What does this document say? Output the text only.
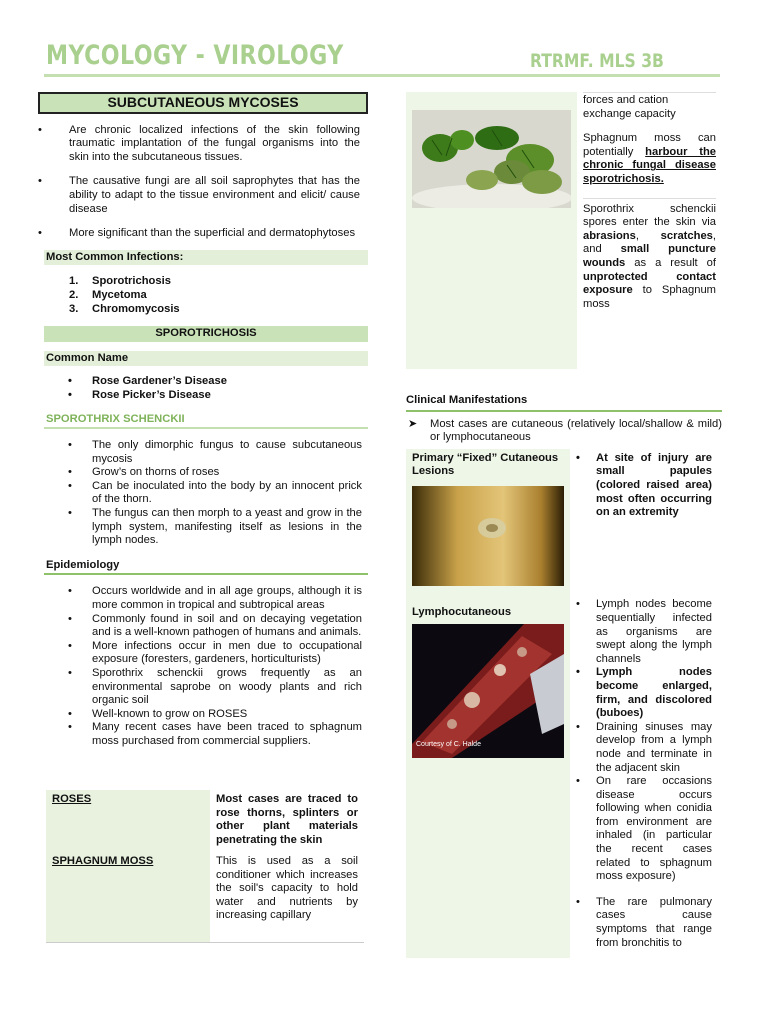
MYCOLOGY - VIROLOGY	RTRMF. MLS 3B
SUBCUTANEOUS MYCOSES
• Are chronic localized infections of the skin following traumatic implantation of the fungal organisms into the skin into the subcutaneous tissues.
• The causative fungi are all soil saprophytes that has the ability to adapt to the tissue environment and elicit/ cause disease
• More significant than the superficial and dermatophytoses
Most Common Infections:
1. Sporotrichosis
2. Mycetoma
3. Chromomycosis
SPOROTRICHOSIS
Common Name
• Rose Gardener’s Disease
• Rose Picker’s Disease
SPOROTHRIX SCHENCKII
• The only dimorphic fungus to cause subcutaneous mycosis
• Grow’s on thorns of roses
• Can be inoculated into the body by an innocent prick of the thorn.
• The fungus can then morph to a yeast and grow in the lymph system, manifesting itself as lesions in the lymph nodes.
Epidemiology
• Occurs worldwide and in all age groups, although it is more common in tropical and subtropical areas
• Commonly found in soil and on decaying vegetation and is a well-known pathogen of humans and animals.
• More infections occur in men due to occupational exposure (foresters, gardeners, horticulturists)
• Sporothrix schenckii grows frequently as an environmental saprobe on woody plants and rich organic soil
• Well-known to grow on ROSES
• Many recent cases have been traced to sphagnum moss purchased from commercial suppliers.
ROSES	Most cases are traced to rose thorns, splinters or other plant materials penetrating the skin
SPHAGNUM MOSS	This is used as a soil conditioner which increases the soil's capacity to hold water and nutrients by increasing capillary
forces and cation exchange capacity
Sphagnum moss can potentially harbour the chronic fungal disease sporotrichosis.
Sporothrix schenckii spores enter the skin via abrasions, scratches, and small puncture wounds as a result of unprotected contact exposure to Sphagnum moss
Clinical Manifestations
➤ Most cases are cutaneous (relatively local/shallow & mild) or lymphocutaneous
Primary “Fixed” Cutaneous Lesions
• At site of injury are small papules (colored raised area) most often occurring on an extremity
Lymphocutaneous
Courtesy of C. Halde
• Lymph nodes become sequentially infected as organisms are swept along the lymph channels
• Lymph nodes become enlarged, firm, and discolored (buboes)
• Draining sinuses may develop from a lymph node and terminate in the adjacent skin
• On rare occasions disease occurs following when conidia from environment are inhaled (in particular the recent cases related to sphagnum moss exposure)
• The rare pulmonary cases cause symptoms that range from bronchitis to
